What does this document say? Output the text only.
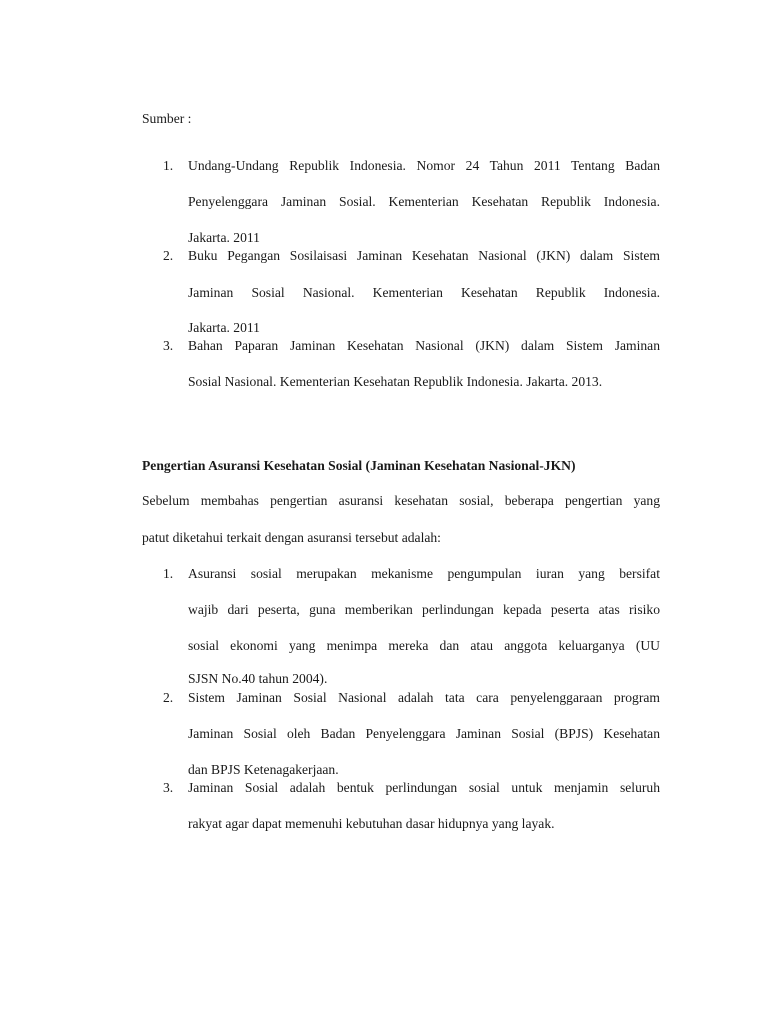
Sumber :
1. Undang-Undang Republik Indonesia. Nomor 24 Tahun 2011 Tentang Badan
Penyelenggara Jaminan Sosial. Kementerian Kesehatan Republik Indonesia.
Jakarta. 2011
2. Buku Pegangan Sosilaisasi Jaminan Kesehatan Nasional (JKN) dalam Sistem
Jaminan Sosial Nasional. Kementerian Kesehatan Republik Indonesia.
Jakarta. 2011
3. Bahan Paparan Jaminan Kesehatan Nasional (JKN) dalam Sistem Jaminan
Sosial Nasional. Kementerian Kesehatan Republik Indonesia. Jakarta. 2013.
Pengertian Asuransi Kesehatan Sosial (Jaminan Kesehatan Nasional-JKN)
Sebelum membahas pengertian asuransi kesehatan sosial, beberapa pengertian yang
patut diketahui terkait dengan asuransi tersebut adalah:
1. Asuransi sosial merupakan mekanisme pengumpulan iuran yang bersifat
wajib dari peserta, guna memberikan perlindungan kepada peserta atas risiko
sosial ekonomi yang menimpa mereka dan atau anggota keluarganya (UU
SJSN No.40 tahun 2004).
2. Sistem Jaminan Sosial Nasional adalah tata cara penyelenggaraan program
Jaminan Sosial oleh Badan Penyelenggara Jaminan Sosial (BPJS) Kesehatan
dan BPJS Ketenagakerjaan.
3. Jaminan Sosial adalah bentuk perlindungan sosial untuk menjamin seluruh
rakyat agar dapat memenuhi kebutuhan dasar hidupnya yang layak.
